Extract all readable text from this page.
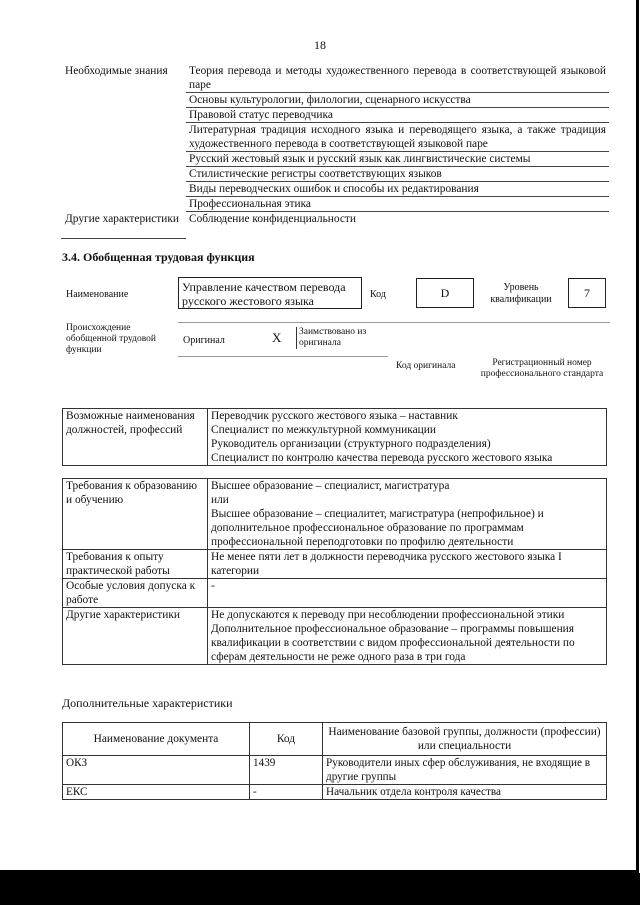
18
Необходимые знания	Теория перевода и методы художественного перевода в соответствующей языковой паре
	Основы культурологии, филологии, сценарного искусства
	Правовой статус переводчика
	Литературная традиция исходного языка и переводящего языка, а также традиция художественного перевода в соответствующей языковой паре
	Русский жестовый язык и русский язык как лингвистические системы
	Стилистические регистры соответствующих языков
	Виды переводческих ошибок и способы их редактирования
	Профессиональная этика
Другие характеристики	Соблюдение конфиденциальности
3.4. Обобщенная трудовая функция
Наименование
Управление качеством перевода русского жестового языка	Код	D	Уровень квалификации	7
Происхождение обобщенной трудовой функции
Оригинал	X	Заимствовано из оригинала
Код оригинала	Регистрационный номер профессионального стандарта
Возможные наименования должностей, профессий	Переводчик русского жестового языка – наставник
Специалист по межкультурной коммуникации
Руководитель организации (структурного подразделения)
Специалист по контролю качества перевода русского жестового языка
Требования к образованию и обучению	Высшее образование – специалист, магистратура
или
Высшее образование – специалитет, магистратура (непрофильное) и дополнительное профессиональное образование по программам профессиональной переподготовки по профилю деятельности
Требования к опыту практической работы	Не менее пяти лет в должности переводчика русского жестового языка I категории
Особые условия допуска к работе	-
Другие характеристики	Не допускаются к переводу при несоблюдении профессиональной этики
Дополнительное профессиональное образование – программы повышения квалификации в соответствии с видом профессиональной деятельности по сферам деятельности не реже одного раза в три года
Дополнительные характеристики
Наименование документа	Код	Наименование базовой группы, должности (профессии) или специальности
ОКЗ	1439	Руководители иных сфер обслуживания, не входящие в другие группы
ЕКС	-	Начальник отдела контроля качества
